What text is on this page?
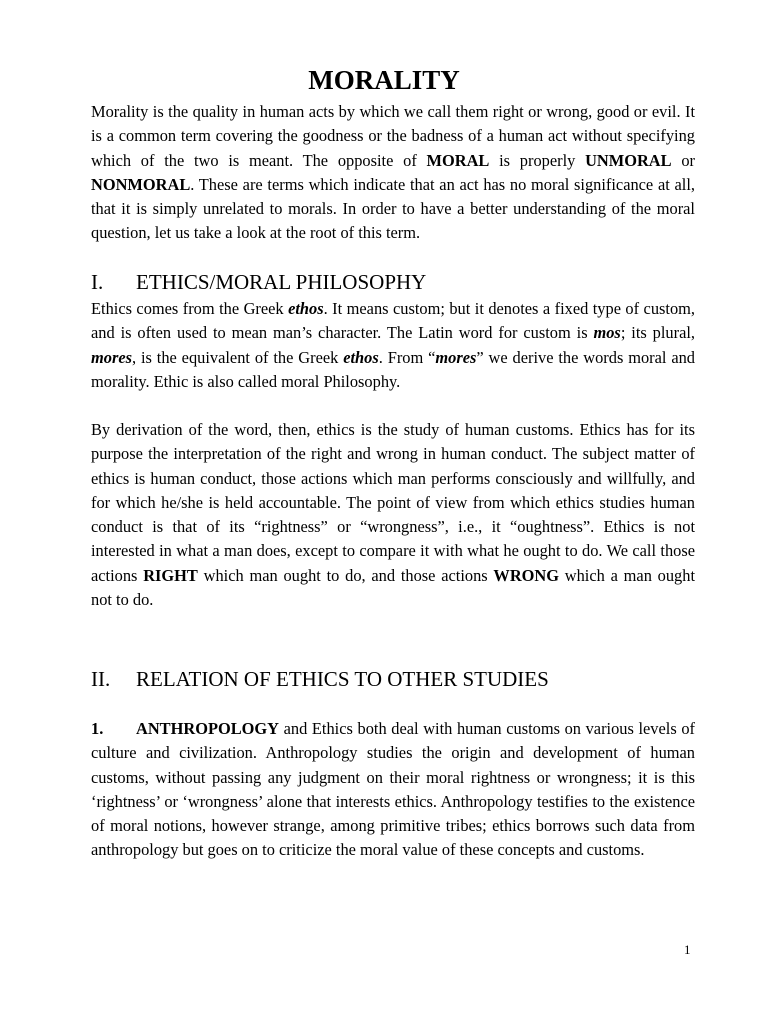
MORALITY

Morality is the quality in human acts by which we call them right or wrong, good or evil. It is a common term covering the goodness or the badness of a human act without specifying which of the two is meant. The opposite of MORAL is properly UNMORAL or NONMORAL. These are terms which indicate that an act has no moral significance at all, that it is simply unrelated to morals. In order to have a better understanding of the moral question, let us take a look at the root of this term.

I. ETHICS/MORAL PHILOSOPHY

Ethics comes from the Greek ethos. It means custom; but it denotes a fixed type of custom, and is often used to mean man’s character. The Latin word for custom is mos; its plural, mores, is the equivalent of the Greek ethos. From “mores” we derive the words moral and morality. Ethic is also called moral Philosophy.

By derivation of the word, then, ethics is the study of human customs. Ethics has for its purpose the interpretation of the right and wrong in human conduct. The subject matter of ethics is human conduct, those actions which man performs consciously and willfully, and for which he/she is held accountable. The point of view from which ethics studies human conduct is that of its “rightness” or “wrongness”, i.e., it “oughtness”. Ethics is not interested in what a man does, except to compare it with what he ought to do. We call those actions RIGHT which man ought to do, and those actions WRONG which a man ought not to do.

II. RELATION OF ETHICS TO OTHER STUDIES

1. ANTHROPOLOGY and Ethics both deal with human customs on various levels of culture and civilization. Anthropology studies the origin and development of human customs, without passing any judgment on their moral rightness or wrongness; it is this ‘rightness’ or ‘wrongness’ alone that interests ethics. Anthropology testifies to the existence of moral notions, however strange, among primitive tribes; ethics borrows such data from anthropology but goes on to criticize the moral value of these concepts and customs.

1
